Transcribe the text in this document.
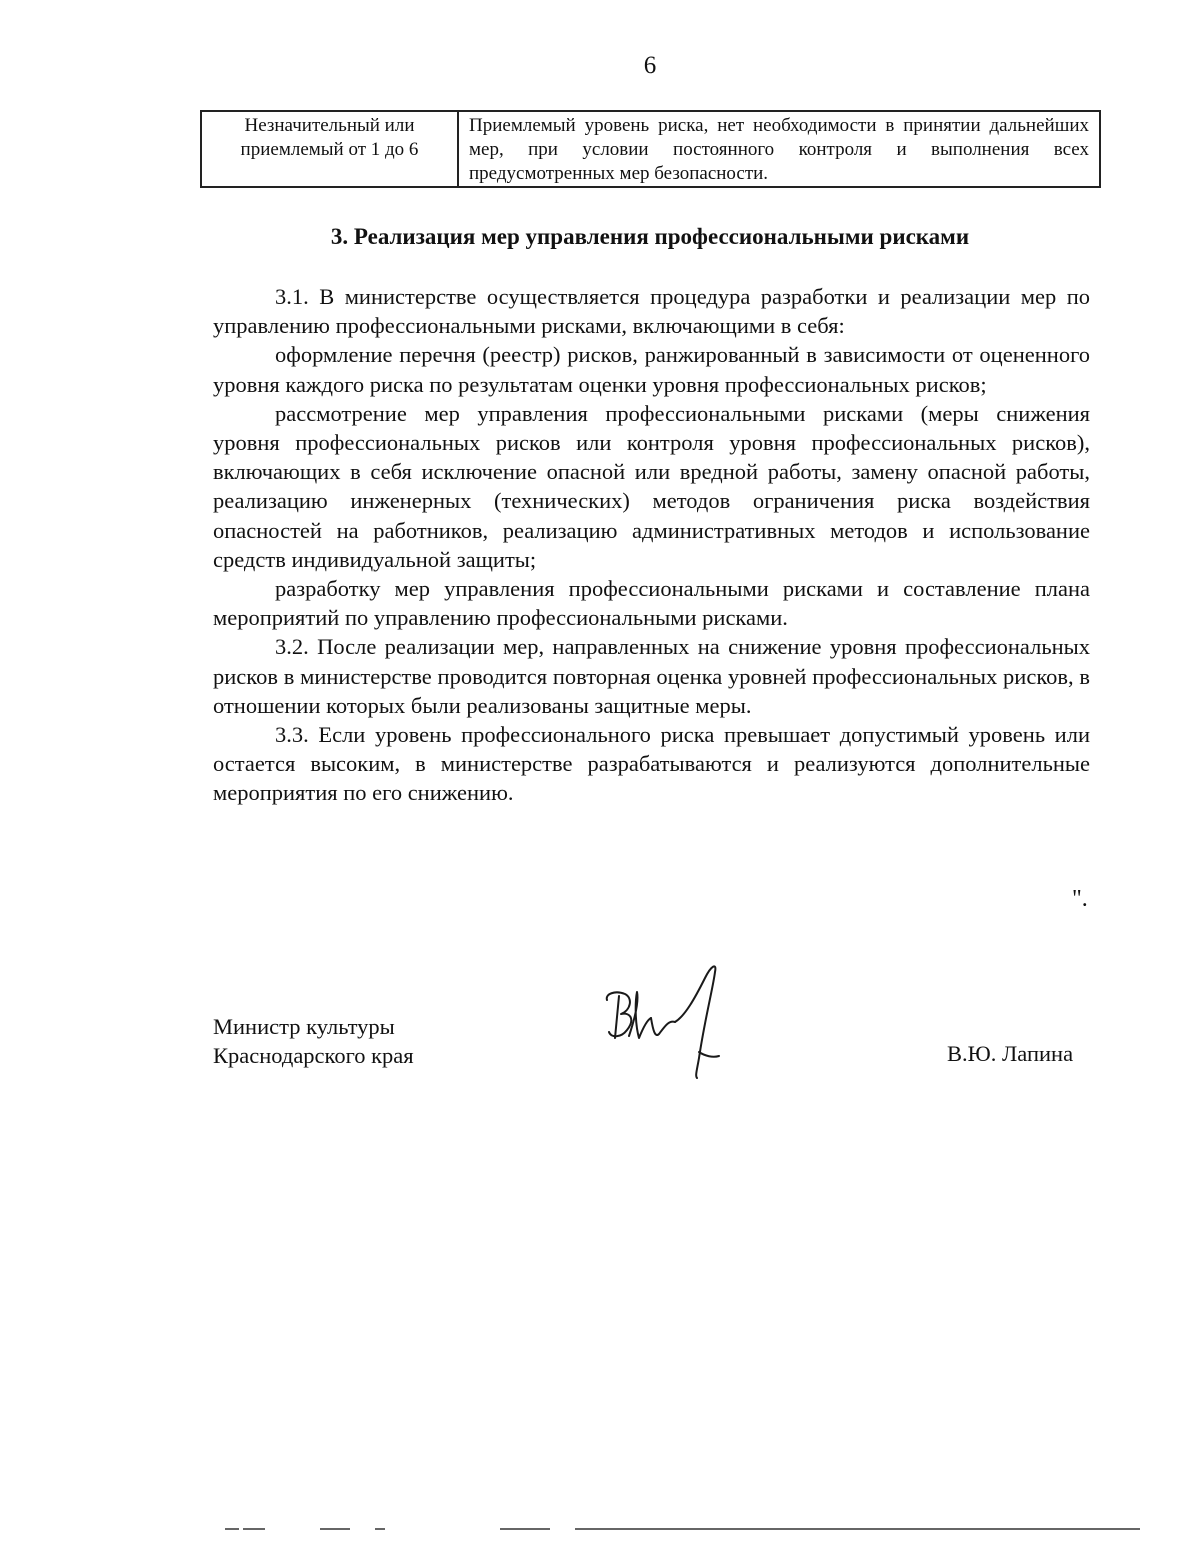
6
Незначительный или приемлемый от 1 до 6	Приемлемый уровень риска, нет необходимости в принятии дальнейших мер, при условии постоянного контроля и выполнения всех предусмотренных мер безопасности.
3. Реализация мер управления профессиональными рисками

3.1. В министерстве осуществляется процедура разработки и реализации мер по управлению профессиональными рисками, включающими в себя:

оформление перечня (реестр) рисков, ранжированный в зависимости от оцененного уровня каждого риска по результатам оценки уровня профессиональных рисков;

рассмотрение мер управления профессиональными рисками (меры снижения уровня профессиональных рисков или контроля уровня профессиональных рисков), включающих в себя исключение опасной или вредной работы, замену опасной работы, реализацию инженерных (технических) методов ограничения риска воздействия опасностей на работников, реализацию административных методов и использование средств индивидуальной защиты;

разработку мер управления профессиональными рисками и составление плана мероприятий по управлению профессиональными рисками.

3.2. После реализации мер, направленных на снижение уровня профессиональных рисков в министерстве проводится повторная оценка уровней профессиональных рисков, в отношении которых были реализованы защитные меры.

3.3. Если уровень профессионального риска превышает допустимый уровень или остается высоким, в министерстве разрабатываются и реализуются дополнительные мероприятия по его снижению.

".
Министр культуры
Краснодарского края	В.Ю. Лапина
